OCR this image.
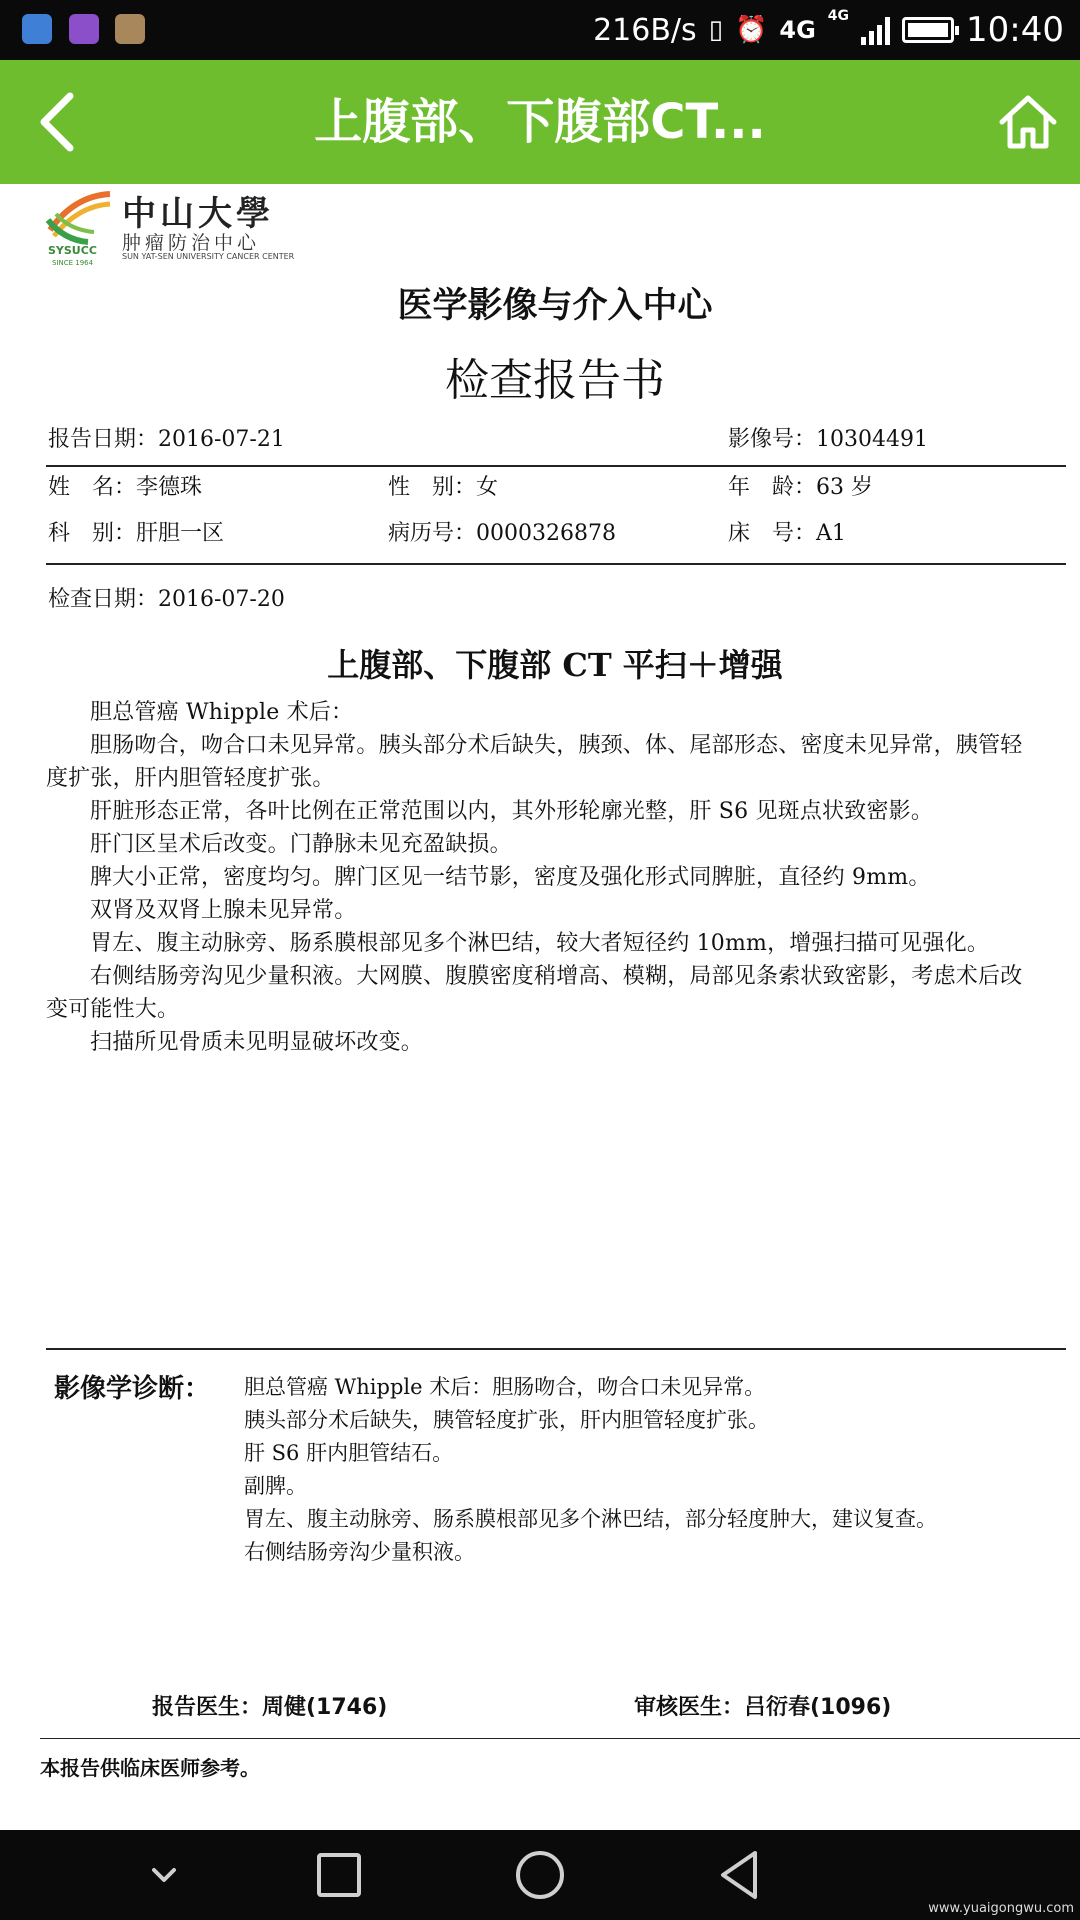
216B/s ▯ ⏰ 4G 4G	10:40
上腹部、下腹部CT...
SYSUCC
SINCE 1964
中山大學
肿瘤防治中心
SUN YAT-SEN UNIVERSITY CANCER CENTER
医学影像与介入中心
检查报告书
报告日期：2016-07-21	影像号：10304491
姓　名：李德珠	性　别：女	年　龄：63 岁
科　别：肝胆一区	病历号：0000326878	床　号：A1
检查日期：2016-07-20
上腹部、下腹部 CT 平扫＋增强

胆总管癌 Whipple 术后：

胆肠吻合，吻合口未见异常。胰头部分术后缺失，胰颈、体、尾部形态、密度未见异常，胰管轻度扩张，肝内胆管轻度扩张。

肝脏形态正常，各叶比例在正常范围以内，其外形轮廓光整，肝 S6 见斑点状致密影。

肝门区呈术后改变。门静脉未见充盈缺损。

脾大小正常，密度均匀。脾门区见一结节影，密度及强化形式同脾脏，直径约 9mm。

双肾及双肾上腺未见异常。

胃左、腹主动脉旁、肠系膜根部见多个淋巴结，较大者短径约 10mm，增强扫描可见强化。

右侧结肠旁沟见少量积液。大网膜、腹膜密度稍增高、模糊，局部见条索状致密影，考虑术后改变可能性大。

扫描所见骨质未见明显破坏改变。

影像学诊断： 胆总管癌 Whipple 术后：胆肠吻合，吻合口未见异常。
胰头部分术后缺失，胰管轻度扩张，肝内胆管轻度扩张。
肝 S6 肝内胆管结石。
副脾。
胃左、腹主动脉旁、肠系膜根部见多个淋巴结，部分轻度肿大，建议复查。
右侧结肠旁沟少量积液。
报告医生：周健(1746)	审核医生：吕衍春(1096)
本报告供临床医师参考。
www.yuaigongwu.com
